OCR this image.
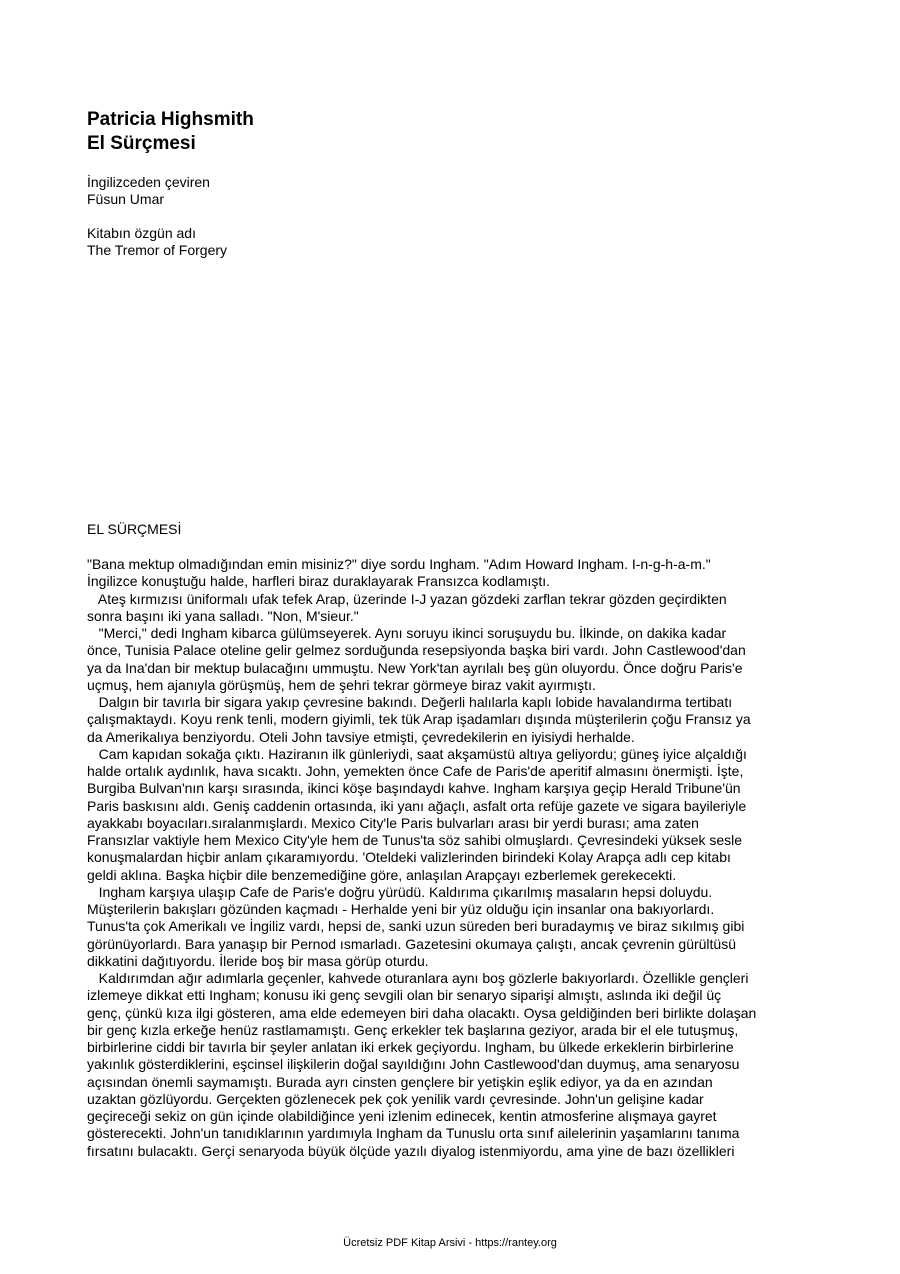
Patricia Highsmith
El Sürçmesi
İngilizceden çeviren
Füsun Umar
Kitabın özgün adı
The Tremor of Forgery
EL SÜRÇMESİ

"Bana mektup olmadığından emin misiniz?" diye sordu Ingham. "Adım Howard Ingham. I-n-g-h-a-m."

İngilizce konuştuğu halde, harfleri biraz duraklayarak Fransızca kodlamıştı.

Ateş kırmızısı üniformalı ufak tefek Arap, üzerinde I-J yazan gözdeki zarflan tekrar gözden geçirdikten

sonra başını iki yana salladı. "Non, M'sieur."

"Merci," dedi Ingham kibarca gülümseyerek. Aynı soruyu ikinci soruşuydu bu. İlkinde, on dakika kadar

önce, Tunisia Palace oteline gelir gelmez sorduğunda resepsiyonda başka biri vardı. John Castlewood'dan

ya da Ina'dan bir mektup bulacağını ummuştu. New York'tan ayrılalı beş gün oluyordu. Önce doğru Paris'e

uçmuş, hem ajanıyla görüşmüş, hem de şehri tekrar görmeye biraz vakit ayırmıştı.

Dalgın bir tavırla bir sigara yakıp çevresine bakındı. Değerli halılarla kaplı lobide havalandırma tertibatı

çalışmaktaydı. Koyu renk tenli, modern giyimli, tek tük Arap işadamları dışında müşterilerin çoğu Fransız ya

da Amerikalıya benziyordu. Oteli John tavsiye etmişti, çevredekilerin en iyisiydi herhalde.

Cam kapıdan sokağa çıktı. Haziranın ilk günleriydi, saat akşamüstü altıya geliyordu; güneş iyice alçaldığı

halde ortalık aydınlık, hava sıcaktı. John, yemekten önce Cafe de Paris'de aperitif almasını önermişti. İşte,

Burgiba Bulvan'nın karşı sırasında, ikinci köşe başındaydı kahve. Ingham karşıya geçip Herald Tribune'ün

Paris baskısını aldı. Geniş caddenin ortasında, iki yanı ağaçlı, asfalt orta refüje gazete ve sigara bayileriyle

ayakkabı boyacıları.sıralanmışlardı. Mexico City'le Paris bulvarları arası bir yerdi burası; ama zaten

Fransızlar vaktiyle hem Mexico City'yle hem de Tunus'ta söz sahibi olmuşlardı. Çevresindeki yüksek sesle

konuşmalardan hiçbir anlam çıkaramıyordu. 'Oteldeki valizlerinden birindeki Kolay Arapça adlı cep kitabı

geldi aklına. Başka hiçbir dile benzemediğine göre, anlaşılan Arapçayı ezberlemek gerekecekti.

Ingham karşıya ulaşıp Cafe de Paris'e doğru yürüdü. Kaldırıma çıkarılmış masaların hepsi doluydu.

Müşterilerin bakışları gözünden kaçmadı - Herhalde yeni bir yüz olduğu için insanlar ona bakıyorlardı.

Tunus'ta çok Amerikalı ve İngiliz vardı, hepsi de, sanki uzun süreden beri buradaymış ve biraz sıkılmış gibi

görünüyorlardı. Bara yanaşıp bir Pernod ısmarladı. Gazetesini okumaya çalıştı, ancak çevrenin gürültüsü

dikkatini dağıtıyordu. İleride boş bir masa görüp oturdu.

Kaldırımdan ağır adımlarla geçenler, kahvede oturanlara aynı boş gözlerle bakıyorlardı. Özellikle gençleri

izlemeye dikkat etti Ingham; konusu iki genç sevgili olan bir senaryo siparişi almıştı, aslında iki değil üç

genç, çünkü kıza ilgi gösteren, ama elde edemeyen biri daha olacaktı. Oysa geldiğinden beri birlikte dolaşan

bir genç kızla erkeğe henüz rastlamamıştı. Genç erkekler tek başlarına geziyor, arada bir el ele tutuşmuş,

birbirlerine ciddi bir tavırla bir şeyler anlatan iki erkek geçiyordu. Ingham, bu ülkede erkeklerin birbirlerine

yakınlık gösterdiklerini, eşcinsel ilişkilerin doğal sayıldığını John Castlewood'dan duymuş, ama senaryosu

açısından önemli saymamıştı. Burada ayrı cinsten gençlere bir yetişkin eşlik ediyor, ya da en azından

uzaktan gözlüyordu. Gerçekten gözlenecek pek çok yenilik vardı çevresinde. John'un gelişine kadar

geçireceği sekiz on gün içinde olabildiğince yeni izlenim edinecek, kentin atmosferine alışmaya gayret

gösterecekti. John'un tanıdıklarının yardımıyla Ingham da Tunuslu orta sınıf ailelerinin yaşamlarını tanıma

fırsatını bulacaktı. Gerçi senaryoda büyük ölçüde yazılı diyalog istenmiyordu, ama yine de bazı özellikleri

Ücretsiz PDF Kitap Arsivi - https://rantey.org
